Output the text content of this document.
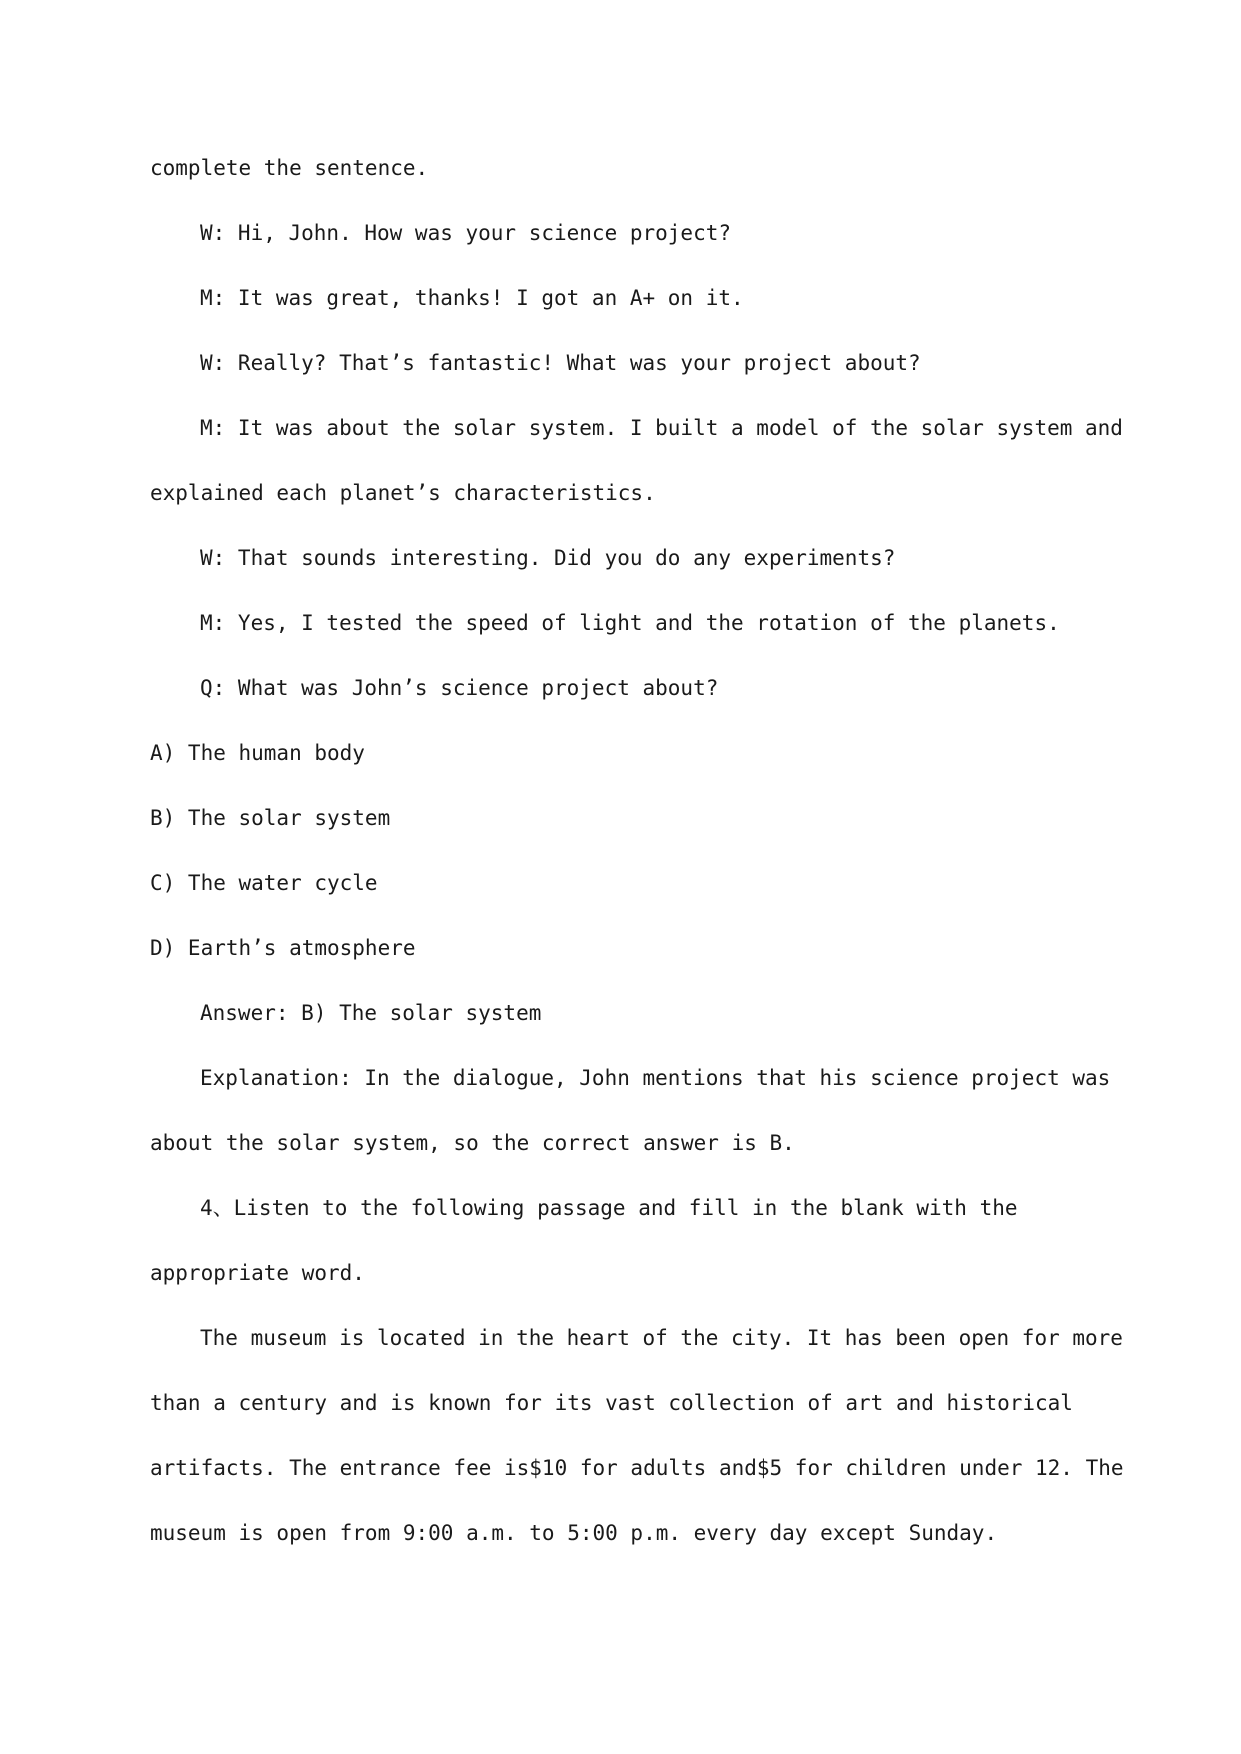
complete the sentence.
W: Hi, John. How was your science project?
M: It was great, thanks! I got an A+ on it.
W: Really? That’s fantastic! What was your project about?
M: It was about the solar system. I built a model of the solar system and
explained each planet’s characteristics.
W: That sounds interesting. Did you do any experiments?
M: Yes, I tested the speed of light and the rotation of the planets.
Q: What was John’s science project about?
A) The human body
B) The solar system
C) The water cycle
D) Earth’s atmosphere
Answer: B) The solar system
Explanation: In the dialogue, John mentions that his science project was
about the solar system, so the correct answer is B.
4、Listen to the following passage and fill in the blank with the
appropriate word.
The museum is located in the heart of the city. It has been open for more
than a century and is known for its vast collection of art and historical
artifacts. The entrance fee is$10 for adults and$5 for children under 12. The
museum is open from 9:00 a.m. to 5:00 p.m. every day except Sunday.
